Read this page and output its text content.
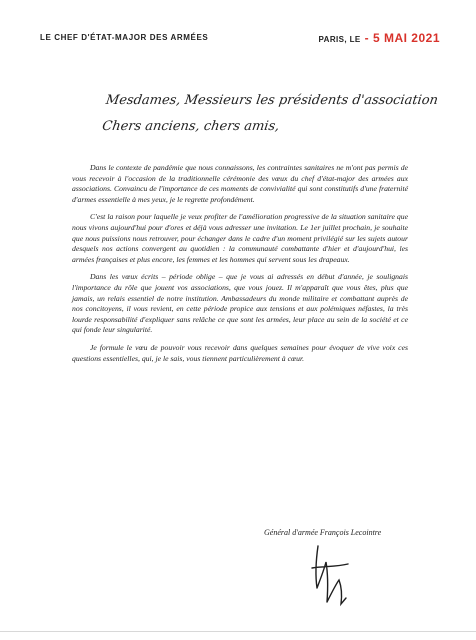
LE CHEF D'ÉTAT-MAJOR DES ARMÉES	PARIS, LE - 5 MAI 2021
Mesdames, Messieurs les présidents d'association
Chers anciens, chers amis,

Dans le contexte de pandémie que nous connaissons, les contraintes sanitaires ne m'ont pas permis de vous recevoir à l'occasion de la traditionnelle cérémonie des vœux du chef d'état-major des armées aux associations. Convaincu de l'importance de ces moments de convivialité qui sont constitutifs d'une fraternité d'armes essentielle à mes yeux, je le regrette profondément.

C'est la raison pour laquelle je veux profiter de l'amélioration progressive de la situation sanitaire que nous vivons aujourd'hui pour d'ores et déjà vous adresser une invitation. Le 1er juillet prochain, je souhaite que nous puissions nous retrouver, pour échanger dans le cadre d'un moment privilégié sur les sujets autour desquels nos actions convergent au quotidien : la communauté combattante d'hier et d'aujourd'hui, les armées françaises et plus encore, les femmes et les hommes qui servent sous les drapeaux.

Dans les vœux écrits – période oblige – que je vous ai adressés en début d'année, je soulignais l'importance du rôle que jouent vos associations, que vous jouez. Il m'apparaît que vous êtes, plus que jamais, un relais essentiel de notre institution. Ambassadeurs du monde militaire et combattant auprès de nos concitoyens, il vous revient, en cette période propice aux tensions et aux polémiques néfastes, la très lourde responsabilité d'expliquer sans relâche ce que sont les armées, leur place au sein de la société et ce qui fonde leur singularité.

Je formule le vœu de pouvoir vous recevoir dans quelques semaines pour évoquer de vive voix ces questions essentielles, qui, je le sais, vous tiennent particulièrement à cœur.

Général d'armée François Lecointre
